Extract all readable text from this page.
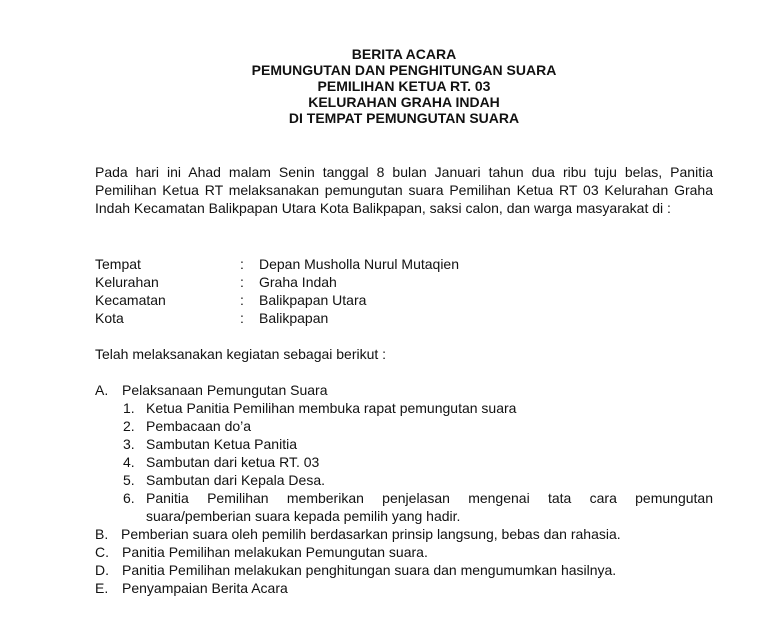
BERITA ACARA

PEMUNGUTAN DAN PENGHITUNGAN SUARA

PEMILIHAN KETUA RT. 03

KELURAHAN GRAHA INDAH

DI TEMPAT PEMUNGUTAN SUARA

Pada hari ini Ahad malam Senin tanggal 8 bulan Januari tahun dua ribu tuju belas, Panitia Pemilihan Ketua RT melaksanakan pemungutan suara Pemilihan Ketua RT 03 Kelurahan Graha Indah Kecamatan Balikpapan Utara Kota Balikpapan, saksi calon, dan warga masyarakat di :

Tempat	:	Depan Musholla Nurul Mutaqien
Kelurahan	:	Graha Indah
Kecamatan	:	Balikpapan Utara
Kota	:	Balikpapan

Telah melaksanakan kegiatan sebagai berikut :

A. Pelaksanaan Pemungutan Suara
1. Ketua Panitia Pemilihan membuka rapat pemungutan suara
2. Pembacaan do’a
3. Sambutan Ketua Panitia
4. Sambutan dari ketua RT. 03
5. Sambutan dari Kepala Desa.
6. Panitia Pemilihan memberikan penjelasan mengenai tata cara pemungutan suara/pemberian suara kepada pemilih yang hadir.
B. Pemberian suara oleh pemilih berdasarkan prinsip langsung, bebas dan rahasia.
C. Panitia Pemilihan melakukan Pemungutan suara.
D. Panitia Pemilihan melakukan penghitungan suara dan mengumumkan hasilnya.
E. Penyampaian Berita Acara
